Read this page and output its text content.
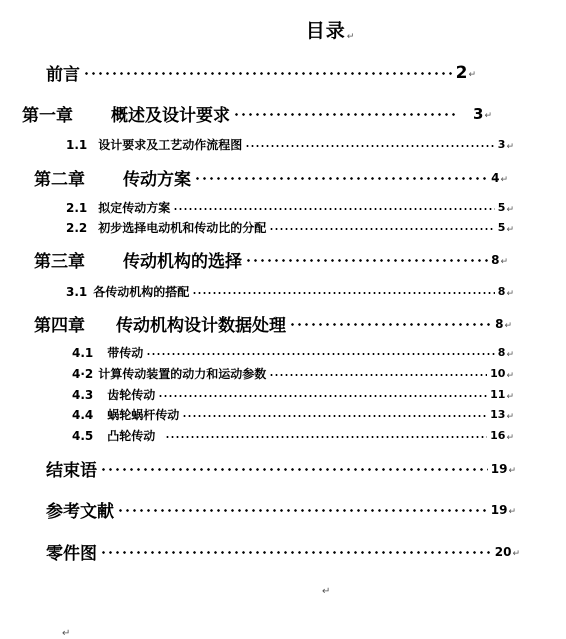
目录↵
前言	2 ↵
第一章 概述及设计要求	3 ↵
1.1 设计要求及工艺动作流程图	3 ↵
第二章 传动方案	4 ↵
2.1 拟定传动方案	5 ↵
2.2 初步选择电动机和传动比的分配	5 ↵
第三章 传动机构的选择	8 ↵
3.1 各传动机构的搭配	8 ↵
第四章 传动机构设计数据处理	8 ↵
4.1 带传动	8 ↵
4·2 计算传动装置的动力和运动参数	10 ↵
4.3 齿轮传动	11 ↵
4.4 蜗轮蜗杆传动	13 ↵
4.5 凸轮传动	16 ↵
结束语	19 ↵
参考文献	19 ↵
零件图	20 ↵
↵
↵
